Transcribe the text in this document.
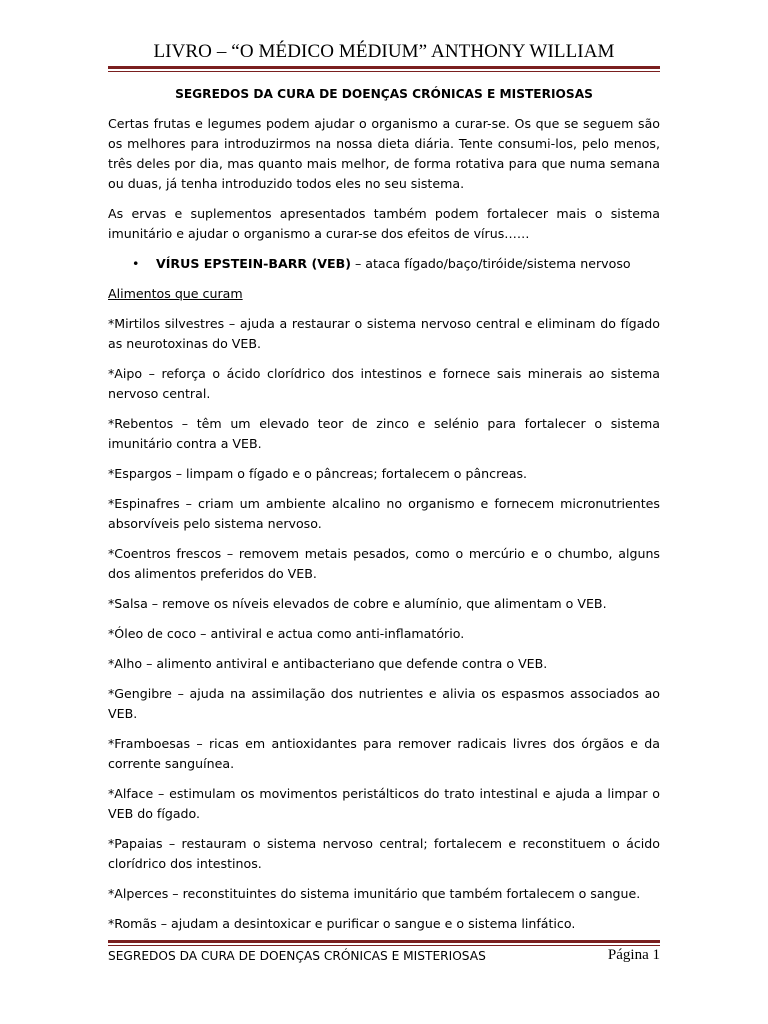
LIVRO – “O MÉDICO MÉDIUM” ANTHONY WILLIAM
SEGREDOS DA CURA DE DOENÇAS CRÓNICAS E MISTERIOSAS

Certas frutas e legumes podem ajudar o organismo a curar-se. Os que se seguem são os melhores para introduzirmos na nossa dieta diária. Tente consumi-los, pelo menos, três deles por dia, mas quanto mais melhor, de forma rotativa para que numa semana ou duas, já tenha introduzido todos eles no seu sistema.

As ervas e suplementos apresentados também podem fortalecer mais o sistema imunitário e ajudar o organismo a curar-se dos efeitos de vírus……

• VÍRUS EPSTEIN-BARR (VEB) – ataca fígado/baço/tiróide/sistema nervoso
Alimentos que curam

*Mirtilos silvestres – ajuda a restaurar o sistema nervoso central e eliminam do fígado as neurotoxinas do VEB.

*Aipo – reforça o ácido clorídrico dos intestinos e fornece sais minerais ao sistema nervoso central.

*Rebentos – têm um elevado teor de zinco e selénio para fortalecer o sistema imunitário contra a VEB.

*Espargos – limpam o fígado e o pâncreas; fortalecem o pâncreas.

*Espinafres – criam um ambiente alcalino no organismo e fornecem micronutrientes absorvíveis pelo sistema nervoso.

*Coentros frescos – removem metais pesados, como o mercúrio e o chumbo, alguns dos alimentos preferidos do VEB.

*Salsa – remove os níveis elevados de cobre e alumínio, que alimentam o VEB.

*Óleo de coco – antiviral e actua como anti-inflamatório.

*Alho – alimento antiviral e antibacteriano que defende contra o VEB.

*Gengibre – ajuda na assimilação dos nutrientes e alivia os espasmos associados ao VEB.

*Framboesas – ricas em antioxidantes para remover radicais livres dos órgãos e da corrente sanguínea.

*Alface – estimulam os movimentos peristálticos do trato intestinal e ajuda a limpar o VEB do fígado.

*Papaias – restauram o sistema nervoso central; fortalecem e reconstituem o ácido clorídrico dos intestinos.

*Alperces – reconstituintes do sistema imunitário que também fortalecem o sangue.

*Romãs – ajudam a desintoxicar e purificar o sangue e o sistema linfático.

SEGREDOS DA CURA DE DOENÇAS CRÓNICAS E MISTERIOSAS	Página 1
